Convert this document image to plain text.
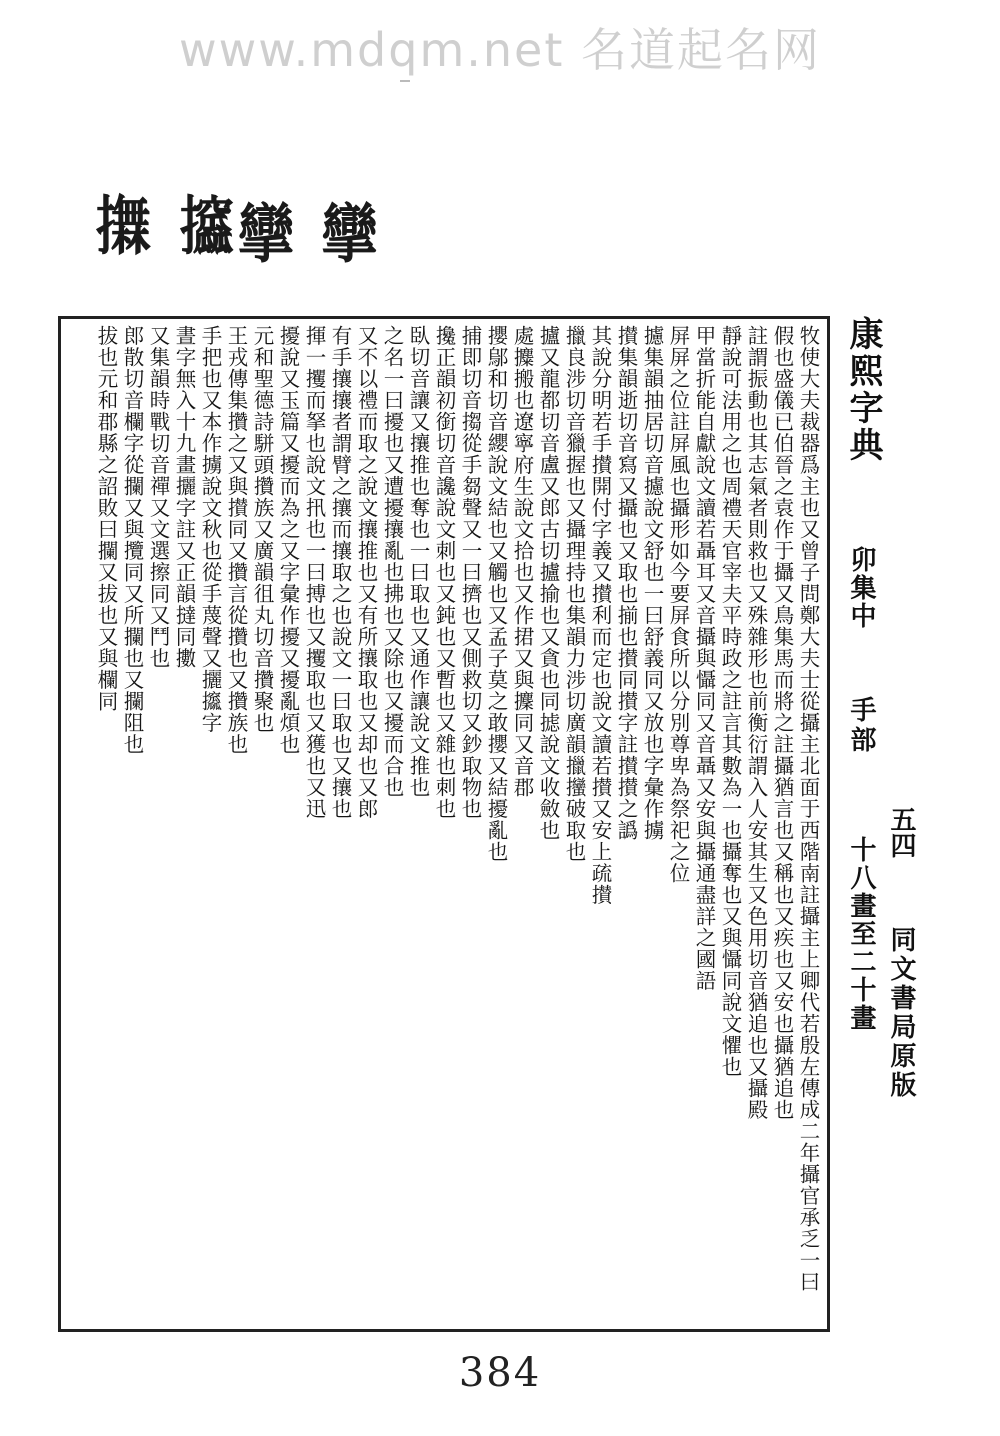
www.mdqm.net 名道起名网
𢸮 攨 攣 攣
牧使大夫裁器爲主也又曾子問鄭大夫士從攝主北面于西階南註攝主上卿代若殷左傳成二年攝官承乏一曰
假也盛儀已伯晉之袁作于攝又鳥集馬而將之註攝猶言也又稱也又疾也又安也攝猶追也
註謂振動也其志氣者則救也又殊雜形也前衡衍謂入人安其生又色用切音猶追也又攝殿
靜說可法用之也周禮天官宰夫平時政之註言其數為一也攝奪也又與懾同說文懼也
甲當折能自獻說文讀若聶耳又音攝與懾同又音聶又安與攝通盡詳之國語
屏屏之位註屏風也攝形如今要屏食所以分別尊卑為祭祀之位
攄集韻抽居切音攄說文舒也一曰舒義同又放也字彙作擄
攅集韻逝切音寫又攝也又取也揃也攅同攅字註攅攅之譌
其說分明若手攅開付字義又攅利而定也說文讀若攅又安上疏攅
擸良涉切音獵握也又攝理持也集韻力涉切廣韻擸𢺳破取也
攎又龍都切音盧又郎古切攎揄也又貪也同摅說文收斂也
處攗搬也遼寧府生說文拾也又作捃又與攈同又音郡
攖鄔和切音纓說文結也又觸也又孟子莫之敢攖又結擾亂也
捕即切音搊從手芻聲又一曰擠也又側救切又鈔取物也
攙正韻初銜切音讒說文刺也又鈍也又暫也又雜也刺也
臥切音讓又攘推也奪也一曰取也又通作讓說文推也
之名一曰擾也又遭擾攘亂也拂也又除也又擾而合也
又不以禮而取之說文攘推也又有所攘取也又却也又郎
有手攘攘者謂臂之攘而攘取之也說文一曰取也又攘也
揮一攫而拏也說文扟也一曰搏也又攫取也又獲也又迅
擾說又玉篇又擾而為之又字彙作擾又擾亂煩也
元和聖德詩駢頭攢族又廣韻徂丸切音攢聚也
王戎傳集攢之又與攅同又攢言從攢也又攢族也
手把也又本作擄說文秋也從手蔑聲又攦攨字
晝字無入十九畫攦字註又正韻撻同擻
又集韻時戰切音禪又文選擦同又鬥也
郎散切音欄字從攔又與攬同又所攔也又攔阻也
拔也元和郡縣之詔敗曰攔又拔也又與欄同	康熙字典
卯集中
手部
十八畫至二十畫
五四
同文書局原版
384
